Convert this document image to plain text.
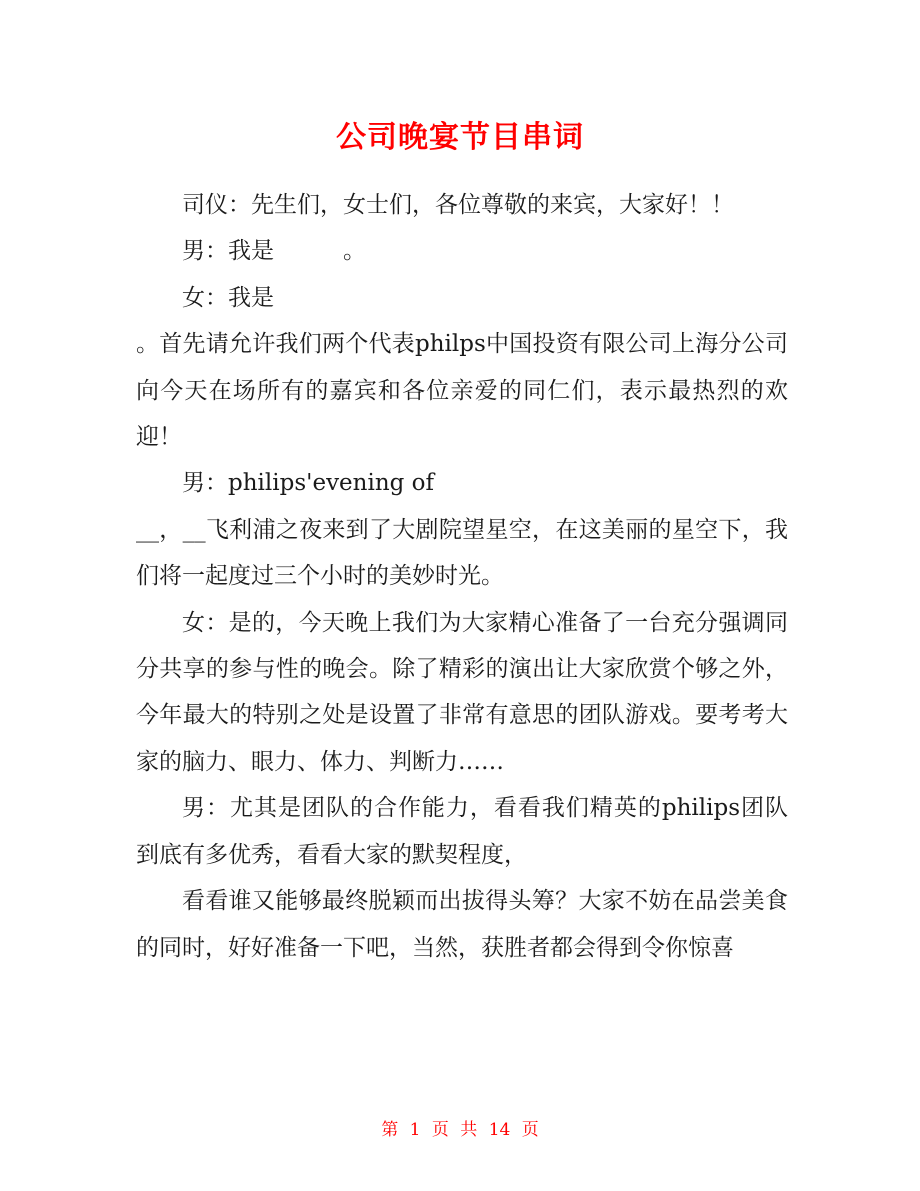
公司晚宴节目串词

司仪：先生们，女士们，各位尊敬的来宾，大家好！！

男：我是　　　。

女：我是

。首先请允许我们两个代表philps中国投资有限公司上海分公司向今天在场所有的嘉宾和各位亲爱的同仁们，表示最热烈的欢迎！

男：philips'evening of

__，__飞利浦之夜来到了大剧院望星空，在这美丽的星空下，我们将一起度过三个小时的美妙时光。

女：是的，今天晚上我们为大家精心准备了一台充分强调同分共享的参与性的晚会。除了精彩的演出让大家欣赏个够之外，今年最大的特别之处是设置了非常有意思的团队游戏。要考考大家的脑力、眼力、体力、判断力……

男：尤其是团队的合作能力，看看我们精英的philips团队到底有多优秀，看看大家的默契程度，

看看谁又能够最终脱颖而出拔得头筹？大家不妨在品尝美食的同时，好好准备一下吧，当然，获胜者都会得到令你惊喜

第 1 页 共 14 页
